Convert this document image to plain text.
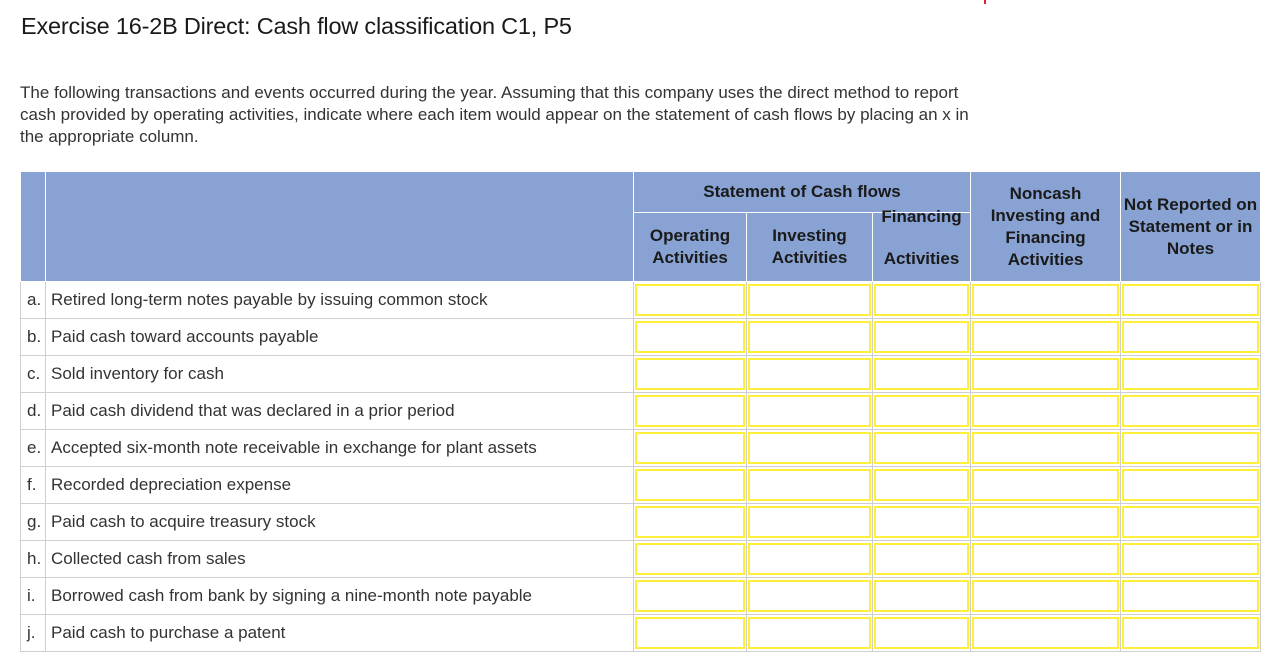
Exercise 16-2B Direct: Cash flow classification C1, P5

The following transactions and events occurred during the year. Assuming that this company uses the direct method to report cash provided by operating activities, indicate where each item would appear on the statement of cash flows by placing an x in the appropriate column.

		Statement of Cash flows			Noncash Investing and Financing Activities	Not Reported on Statement or in Notes
		Operating Activities	Investing Activities	Financing
Activities		

a.	Retired long-term notes payable by issuing common stock	

b.	Paid cash toward accounts payable	

c.	Sold inventory for cash	

d.	Paid cash dividend that was declared in a prior period	

e.	Accepted six-month note receivable in exchange for plant assets	

f.	Recorded depreciation expense	

g.	Paid cash to acquire treasury stock	

h.	Collected cash from sales	

i.	Borrowed cash from bank by signing a nine-month note payable	

j.	Paid cash to purchase a patent	
